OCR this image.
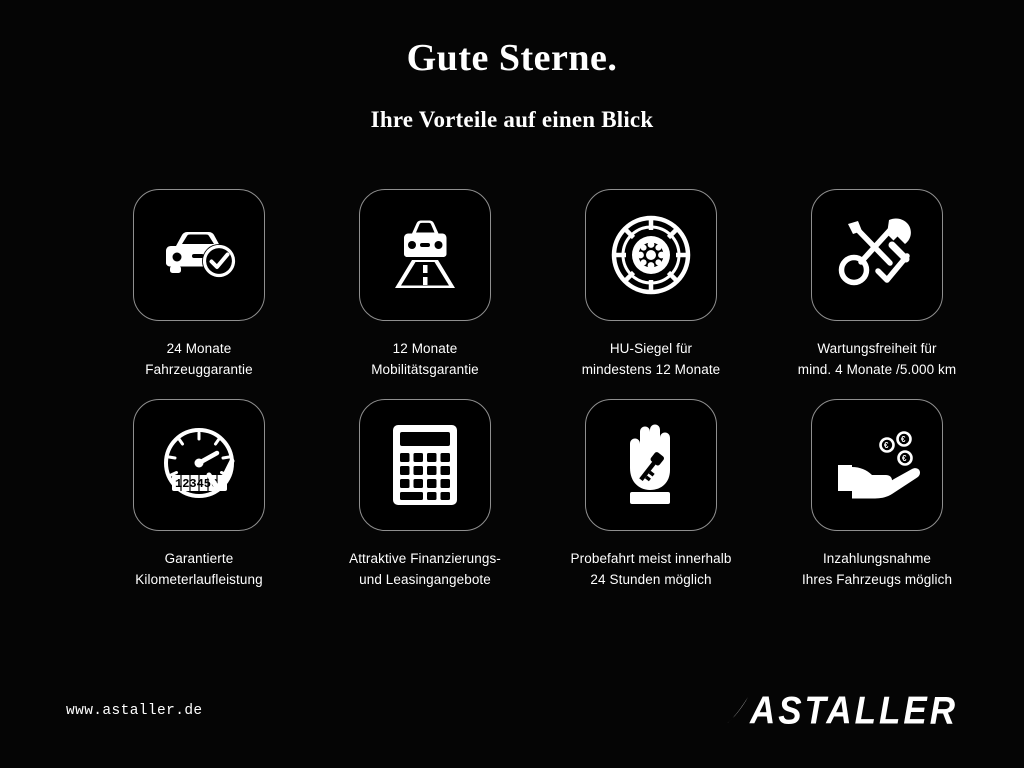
Gute Sterne.
Ihre Vorteile auf einen Blick
24 Monate
Fahrzeuggarantie
12 Monate
Mobilitätsgarantie
HU-Siegel für
mindestens 12 Monate
Wartungsfreiheit für
mind. 4 Monate /5.000 km
123456
Garantierte
Kilometerlaufleistung
Attraktive Finanzierungs-
und Leasingangebote
Probefahrt meist innerhalb
24 Stunden möglich
€
€
€
Inzahlungsnahme
Ihres Fahrzeugs möglich
www.astaller.de	ASTALLER
